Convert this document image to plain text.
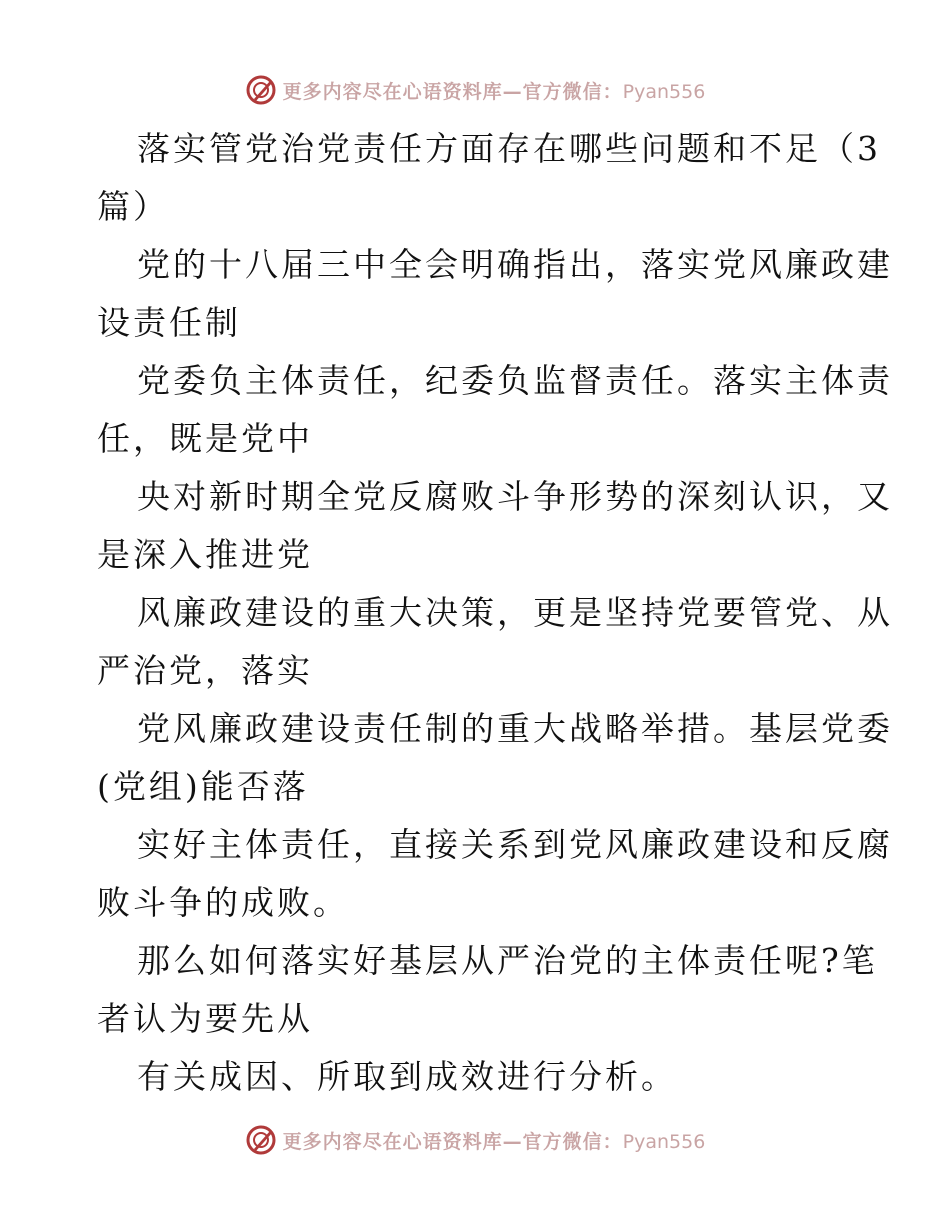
更多内容尽在心语资料库—官方微信：Pyan556

落实管党治党责任方面存在哪些问题和不足（3

篇）

党的十八届三中全会明确指出，落实党风廉政建

设责任制

党委负主体责任，纪委负监督责任。落实主体责

任，既是党中

央对新时期全党反腐败斗争形势的深刻认识，又

是深入推进党

风廉政建设的重大决策，更是坚持党要管党、从

严治党，落实

党风廉政建设责任制的重大战略举措。基层党委

(党组)能否落

实好主体责任，直接关系到党风廉政建设和反腐

败斗争的成败。

那么如何落实好基层从严治党的主体责任呢?笔

者认为要先从

有关成因、所取到成效进行分析。

更多内容尽在心语资料库—官方微信：Pyan556
